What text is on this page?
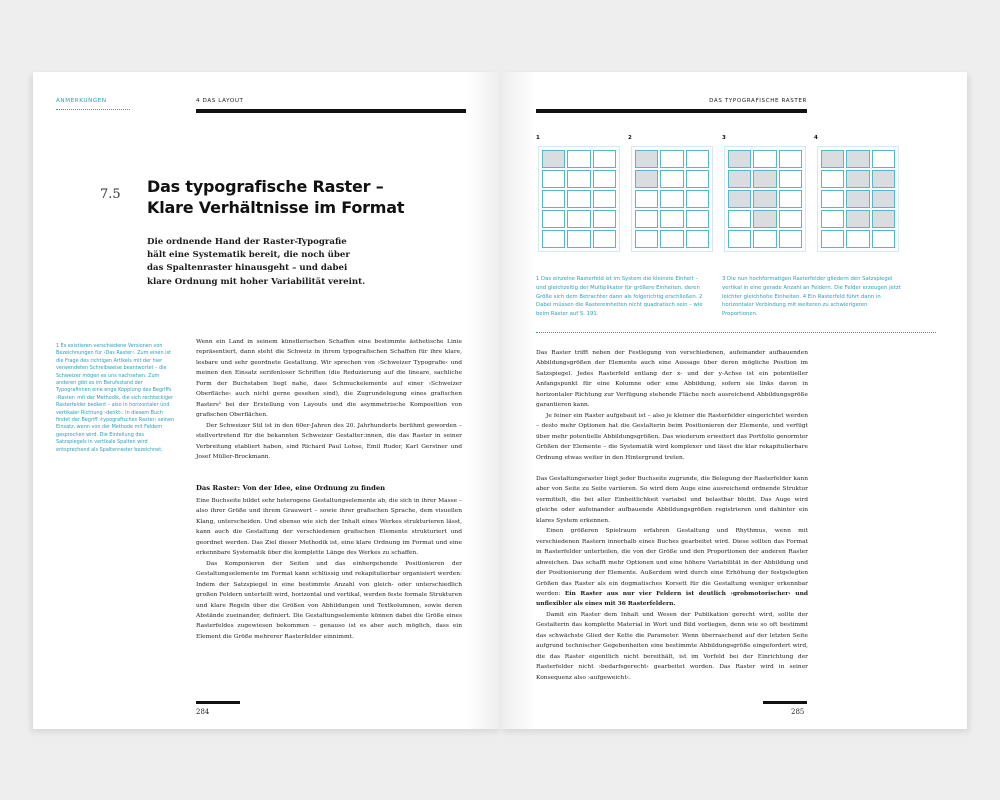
ANMERKUNGEN	4 DAS LAYOUT
7.5 Das typografische Raster –
Klare Verhältnisse im Format
Die ordnende Hand der Raster-Typografie
hält eine Systematik bereit, die noch über
das Spaltenraster hinausgeht – und dabei
klare Ordnung mit hoher Variabilität vereint.
1 Es existieren verschiedene Versionen von Bezeichnungen für ›Das Raster‹. Zum einen ist die Frage des richtigen Artikels mit der hier verwendeten Schreibweise beantwortet – die Schweizer mögen es uns nachsehen. Zum anderen gibt es im Berufsstand der Typografinnen eine enge Kopplung des Begriffs ›Raster‹ mit der Methodik, die sich rechteckiger Rasterfelder bedient – also in horizontaler und vertikaler Richtung ›denkt‹. In diesem Buch findet der Begriff ›typografisches Raster‹ seinen Einsatz, wenn von der Methode mit Feldern gesprochen wird. Die Einteilung des Satzspiegels in vertikale Spalten wird entsprechend als Spaltenraster bezeichnet.

Wenn ein Land in seinem künstlerischen Schaffen eine bestimmte ästhetische Linie repräsentiert, dann steht die Schweiz in ihrem typografischen Schaffen für ihre klare, lesbare und sehr geordnete Gestaltung. Wir sprechen von ›Schweizer Typografie‹ und meinen den Einsatz serifenloser Schriften (die Reduzierung auf die lineare, sachliche Form der Buchstaben liegt nahe, dass Schmuckelemente auf einer ›Schweizer Oberfläche‹ auch nicht gerne gesehen sind), die Zugrundelegung eines grafischen Rasters¹ bei der Erstellung von Layouts und die asymmetrische Komposition von grafischen Oberflächen.

Der Schweizer Stil ist in den 60er-Jahren des 20. Jahrhunderts berühmt geworden – stellvertretend für die bekannten Schweizer Gestalter:innen, die das Raster in seiner Verbreitung etabliert haben, sind Richard Paul Lohse, Emil Ruder, Karl Gerstner und Josef Müller-Brockmann.

Das Raster: Von der Idee, eine Ordnung zu finden

Eine Buchseite bildet sehr heterogene Gestaltungselemente ab, die sich in ihrer Masse – also ihrer Größe und ihrem Grauwert – sowie ihrer grafischen Sprache, dem visuellen Klang, unterscheiden. Und ebenso wie sich der Inhalt eines Werkes strukturieren lässt, kann auch die Gestaltung der verschiedenen grafischen Elemente strukturiert und geordnet werden. Das Ziel dieser Methodik ist, eine klare Ordnung im Format und eine erkennbare Systematik über die komplette Länge des Werkes zu schaffen.

Das Komponieren der Seiten und das einhergehende Positionieren der Gestaltungselemente im Format kann schlüssig und rekapitulierbar organisiert werden: Indem der Satzspiegel in eine bestimmte Anzahl von gleich- oder unterschiedlich großen Feldern unterteilt wird, horizontal und vertikal, werden feste formale Strukturen und klare Regeln über die Größen von Abbildungen und Textkolumnen, sowie deren Abstände zueinander, definiert. Die Gestaltungselemente können dabei die Größe eines Rasterfeldes zugewiesen bekommen – genauso ist es aber auch möglich, dass ein Element die Größe mehrerer Rasterfelder einnimmt.

284
DAS TYPOGRAFISCHE RASTER
1	2	3	4
1 Das einzelne Rasterfeld ist im System die kleinste Einheit – und gleichzeitig der Multiplikator für größere Einheiten, deren Größe sich dem Betrachter dann als folgerichtig erschließen. 2 Dabei müssen die Rastereinheiten nicht quadratisch sein – wie beim Raster auf S. 191.
3 Die nun hochformatigen Rasterfelder gliedern den Satzspiegel vertikal in eine gerade Anzahl an Feldern. Die Felder erzeugen jetzt leichter gleichhohe Einheiten. 4 Ein Rasterfeld führt dann in horizontaler Verbindung mit weiteren zu schwierigeren Proportionen.

Das Raster trifft neben der Festlegung von verschiedenen, aufeinander aufbauenden Abbildungsgrößen der Elemente auch eine Aussage über deren mögliche Position im Satzspiegel. Jedes Rasterfeld entlang der x- und der y-Achse ist ein potentieller Anfangspunkt für eine Kolumne oder eine Abbildung, sofern sie links davon in horizontaler Richtung zur Verfügung stehende Fläche noch ausreichend Abbildungsgröße garantieren kann.

Je feiner ein Raster aufgebaut ist – also je kleiner die Rasterfelder eingerichtet werden – desto mehr Optionen hat die Gestalterin beim Positionieren der Elemente, und verfügt über mehr potentielle Abbildungsgrößen. Das wiederum erweitert das Portfolio genormter Größen der Elemente – die Systematik wird komplexer und lässt die klar rekapitulierbare Ordnung etwas weiter in den Hintergrund treten.

Das Gestaltungsraster liegt jeder Buchseite zugrunde, die Belegung der Rasterfelder kann aber von Seite zu Seite variieren. So wird dem Auge eine ausreichend ordnende Struktur vermittelt, die bei aller Einheitlichkeit variabel und belastbar bleibt. Das Auge wird gleiche oder aufeinander aufbauende Abbildungsgrößen registrieren und dahinter ein klares System erkennen.

Einen größeren Spielraum erfahren Gestaltung und Rhythmus, wenn mit verschiedenen Rastern innerhalb eines Buches gearbeitet wird. Diese sollten das Format in Rasterfelder unterteilen, die von der Größe und den Proportionen der anderen Raster abweichen. Das schafft mehr Optionen und eine höhere Variabilität in der Abbildung und der Positionierung der Elemente. Außerdem wird durch eine Erhöhung der festgelegten Größen das Raster als ein dogmatisches Korsett für die Gestaltung weniger erkennbar werden: Ein Raster aus nur vier Feldern ist deutlich ›grobmotorischer‹ und unflexibler als eines mit 36 Rasterfeldern.

Damit ein Raster dem Inhalt und Wesen der Publikation gerecht wird, sollte der Gestalterin das komplette Material in Wort und Bild vorliegen, denn wie so oft bestimmt das schwächste Glied der Kette die Parameter. Wenn überraschend auf der letzten Seite aufgrund technischer Gegebenheiten eine bestimmte Abbildungsgröße eingefordert wird, die das Raster eigentlich nicht bereithält, ist im Vorfeld bei der Einrichtung der Rasterfelder nicht ›bedarfsgerecht‹ gearbeitet worden. Das Raster wird in seiner Konsequenz also ›aufgeweicht‹.

285
